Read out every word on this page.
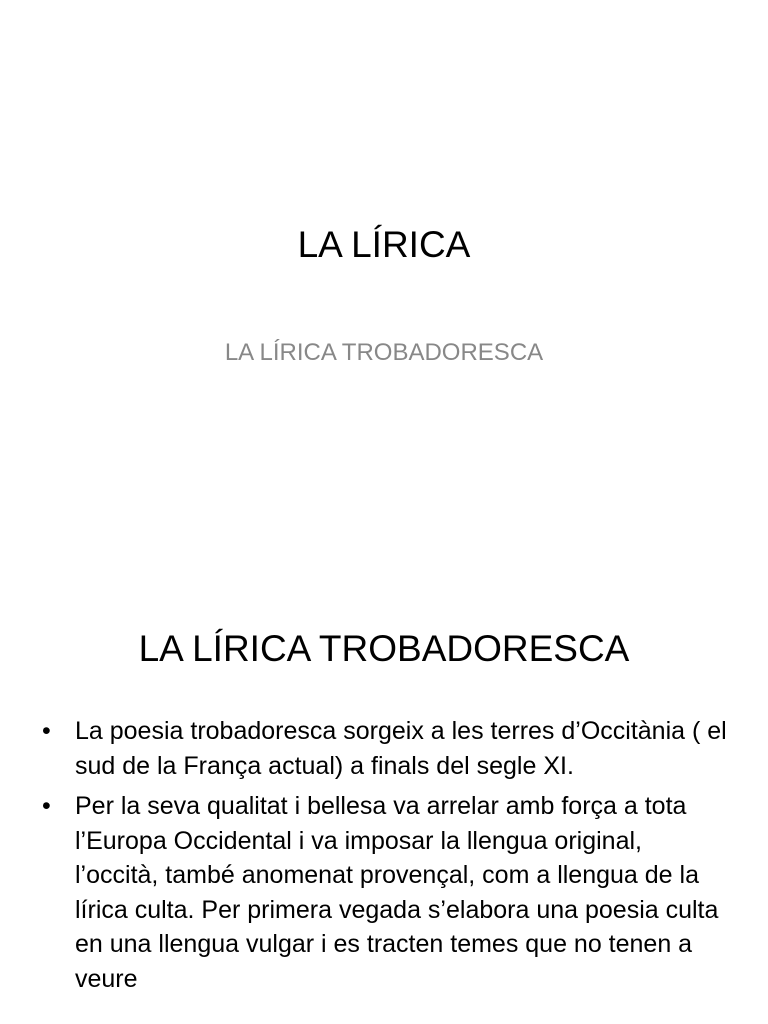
LA LÍRICA
LA LÍRICA TROBADORESCA
LA LÍRICA TROBADORESCA
• La poesia trobadoresca sorgeix a les terres d’Occitània ( el sud de la França actual) a finals del segle XI.
• Per la seva qualitat i bellesa va arrelar amb força a tota l’Europa Occidental i va imposar la llengua original, l’occità, també anomenat provençal, com a llengua de la lírica culta. Per primera vegada s’elabora una poesia culta en una llengua vulgar i es tracten temes que no tenen a veure
